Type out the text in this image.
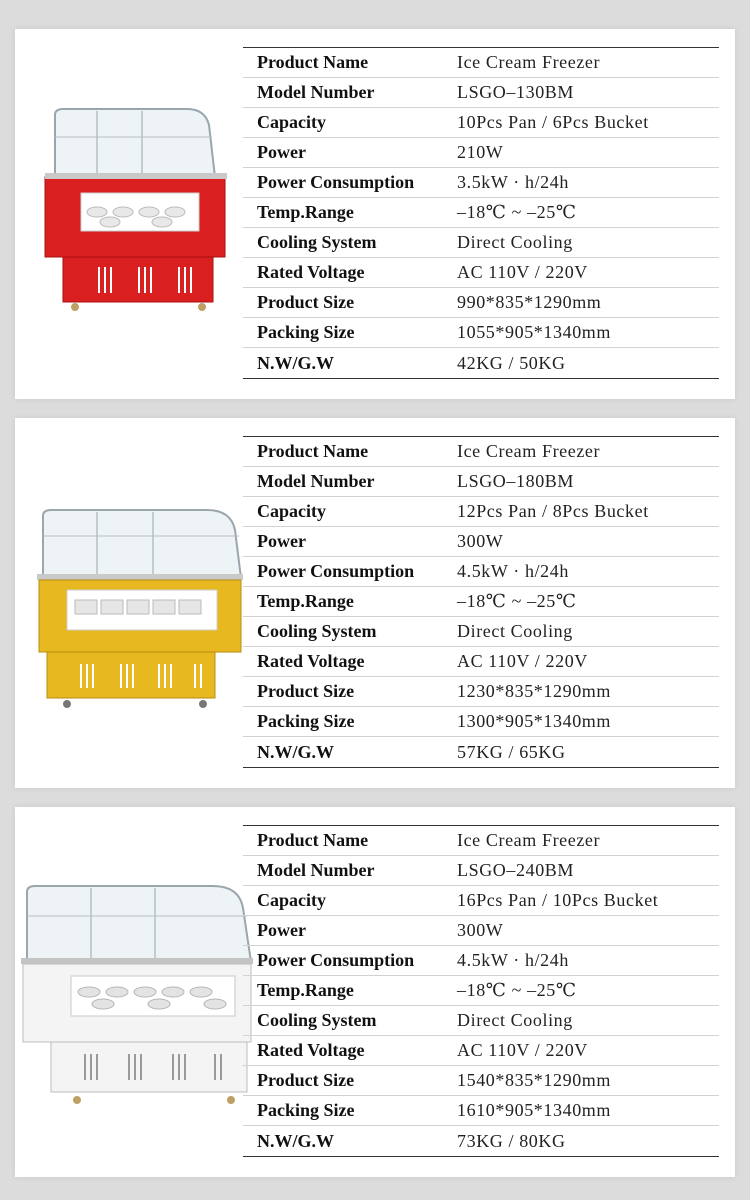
Product Name	Ice Cream Freezer
Model Number	LSGO–130BM
Capacity	10Pcs Pan / 6Pcs Bucket
Power	210W
Power Consumption	3.5kW · h/24h
Temp.Range	–18℃ ~ –25℃
Cooling System	Direct Cooling
Rated Voltage	AC 110V / 220V
Product Size	990*835*1290mm
Packing Size	1055*905*1340mm
N.W/G.W	42KG / 50KG
Product Name	Ice Cream Freezer
Model Number	LSGO–180BM
Capacity	12Pcs Pan / 8Pcs Bucket
Power	300W
Power Consumption	4.5kW · h/24h
Temp.Range	–18℃ ~ –25℃
Cooling System	Direct Cooling
Rated Voltage	AC 110V / 220V
Product Size	1230*835*1290mm
Packing Size	1300*905*1340mm
N.W/G.W	57KG / 65KG
Product Name	Ice Cream Freezer
Model Number	LSGO–240BM
Capacity	16Pcs Pan / 10Pcs Bucket
Power	300W
Power Consumption	4.5kW · h/24h
Temp.Range	–18℃ ~ –25℃
Cooling System	Direct Cooling
Rated Voltage	AC 110V / 220V
Product Size	1540*835*1290mm
Packing Size	1610*905*1340mm
N.W/G.W	73KG / 80KG
